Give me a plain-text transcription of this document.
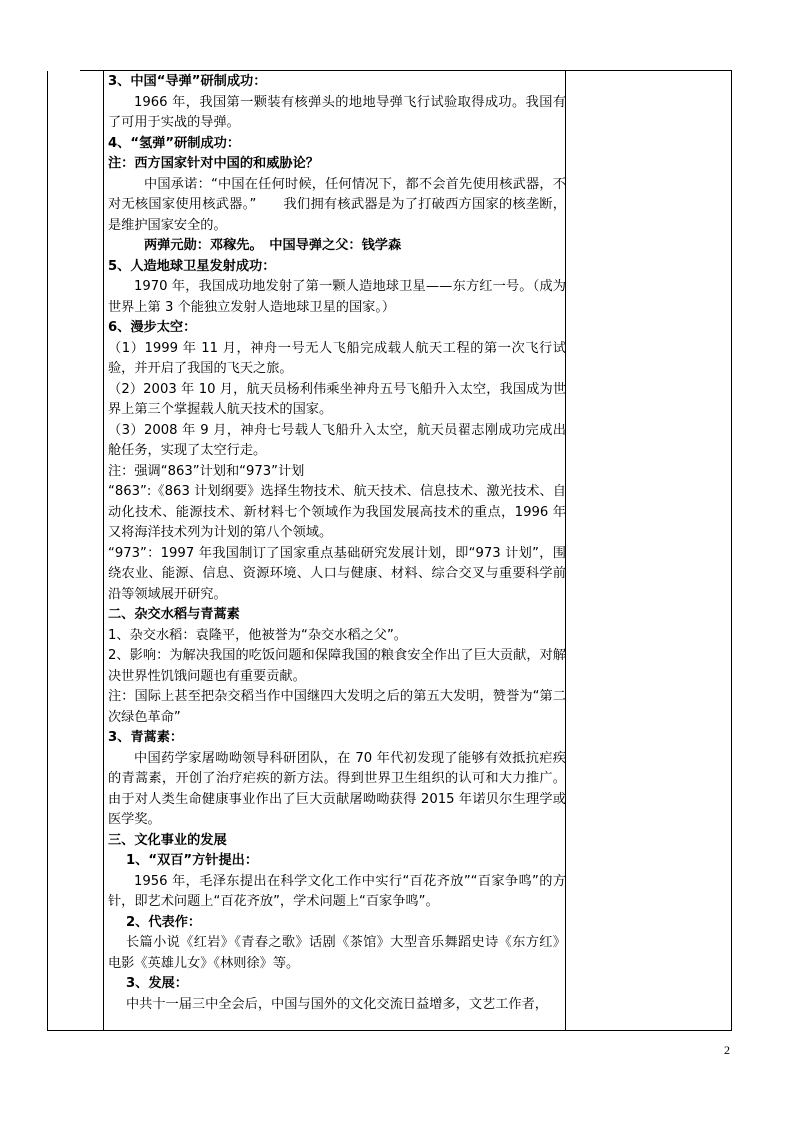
3、中国“导弹”研制成功：

1966 年，我国第一颗装有核弹头的地地导弹飞行试验取得成功。我国有了可用于实战的导弹。

4、“氢弹”研制成功：

注：西方国家针对中国的和威胁论？

中国承诺：“中国在任何时候，任何情况下，都不会首先使用核武器，不对无核国家使用核武器。”　　我们拥有核武器是为了打破西方国家的核垄断，是维护国家安全的。

两弹元勋：邓稼先。　中国导弹之父：钱学森

5、人造地球卫星发射成功：

1970 年，我国成功地发射了第一颗人造地球卫星——东方红一号。（成为世界上第 3 个能独立发射人造地球卫星的国家。）

6、漫步太空：

（1）1999 年 11 月，神舟一号无人飞船完成载人航天工程的第一次飞行试验，并开启了我国的飞天之旅。

（2）2003 年 10 月，航天员杨利伟乘坐神舟五号飞船升入太空，我国成为世界上第三个掌握载人航天技术的国家。

（3）2008 年 9 月，神舟七号载人飞船升入太空，航天员翟志刚成功完成出舱任务，实现了太空行走。

注：强调“863”计划和“973”计划

“863”:《863 计划纲要》选择生物技术、航天技术、信息技术、激光技术、自动化技术、能源技术、新材料七个领域作为我国发展高技术的重点，1996 年又将海洋技术列为计划的第八个领域。

“973”：1997 年我国制订了国家重点基础研究发展计划，即“973 计划”，围绕农业、能源、信息、资源环境、人口与健康、材料、综合交叉与重要科学前沿等领域展开研究。

二、杂交水稻与青蒿素

1、杂交水稻：袁隆平，他被誉为“杂交水稻之父”。

2、影响：为解决我国的吃饭问题和保障我国的粮食安全作出了巨大贡献，对解决世界性饥饿问题也有重要贡献。

注：国际上甚至把杂交稻当作中国继四大发明之后的第五大发明，赞誉为“第二次绿色革命”

3、青蒿素：

中国药学家屠呦呦领导科研团队，在 70 年代初发现了能够有效抵抗疟疾的青蒿素，开创了治疗疟疾的新方法。得到世界卫生组织的认可和大力推广。由于对人类生命健康事业作出了巨大贡献屠呦呦获得 2015 年诺贝尔生理学或医学奖。

三、文化事业的发展

1、“双百”方针提出：

1956 年，毛泽东提出在科学文化工作中实行“百花齐放”“百家争鸣”的方针，即艺术问题上“百花齐放”，学术问题上“百家争鸣”。

2、代表作：

长篇小说《红岩》《青春之歌》话剧《茶馆》大型音乐舞蹈史诗《东方红》电影《英雄儿女》《林则徐》等。

3、发展：

中共十一届三中全会后，中国与国外的文化交流日益增多，文艺工作者，

2
